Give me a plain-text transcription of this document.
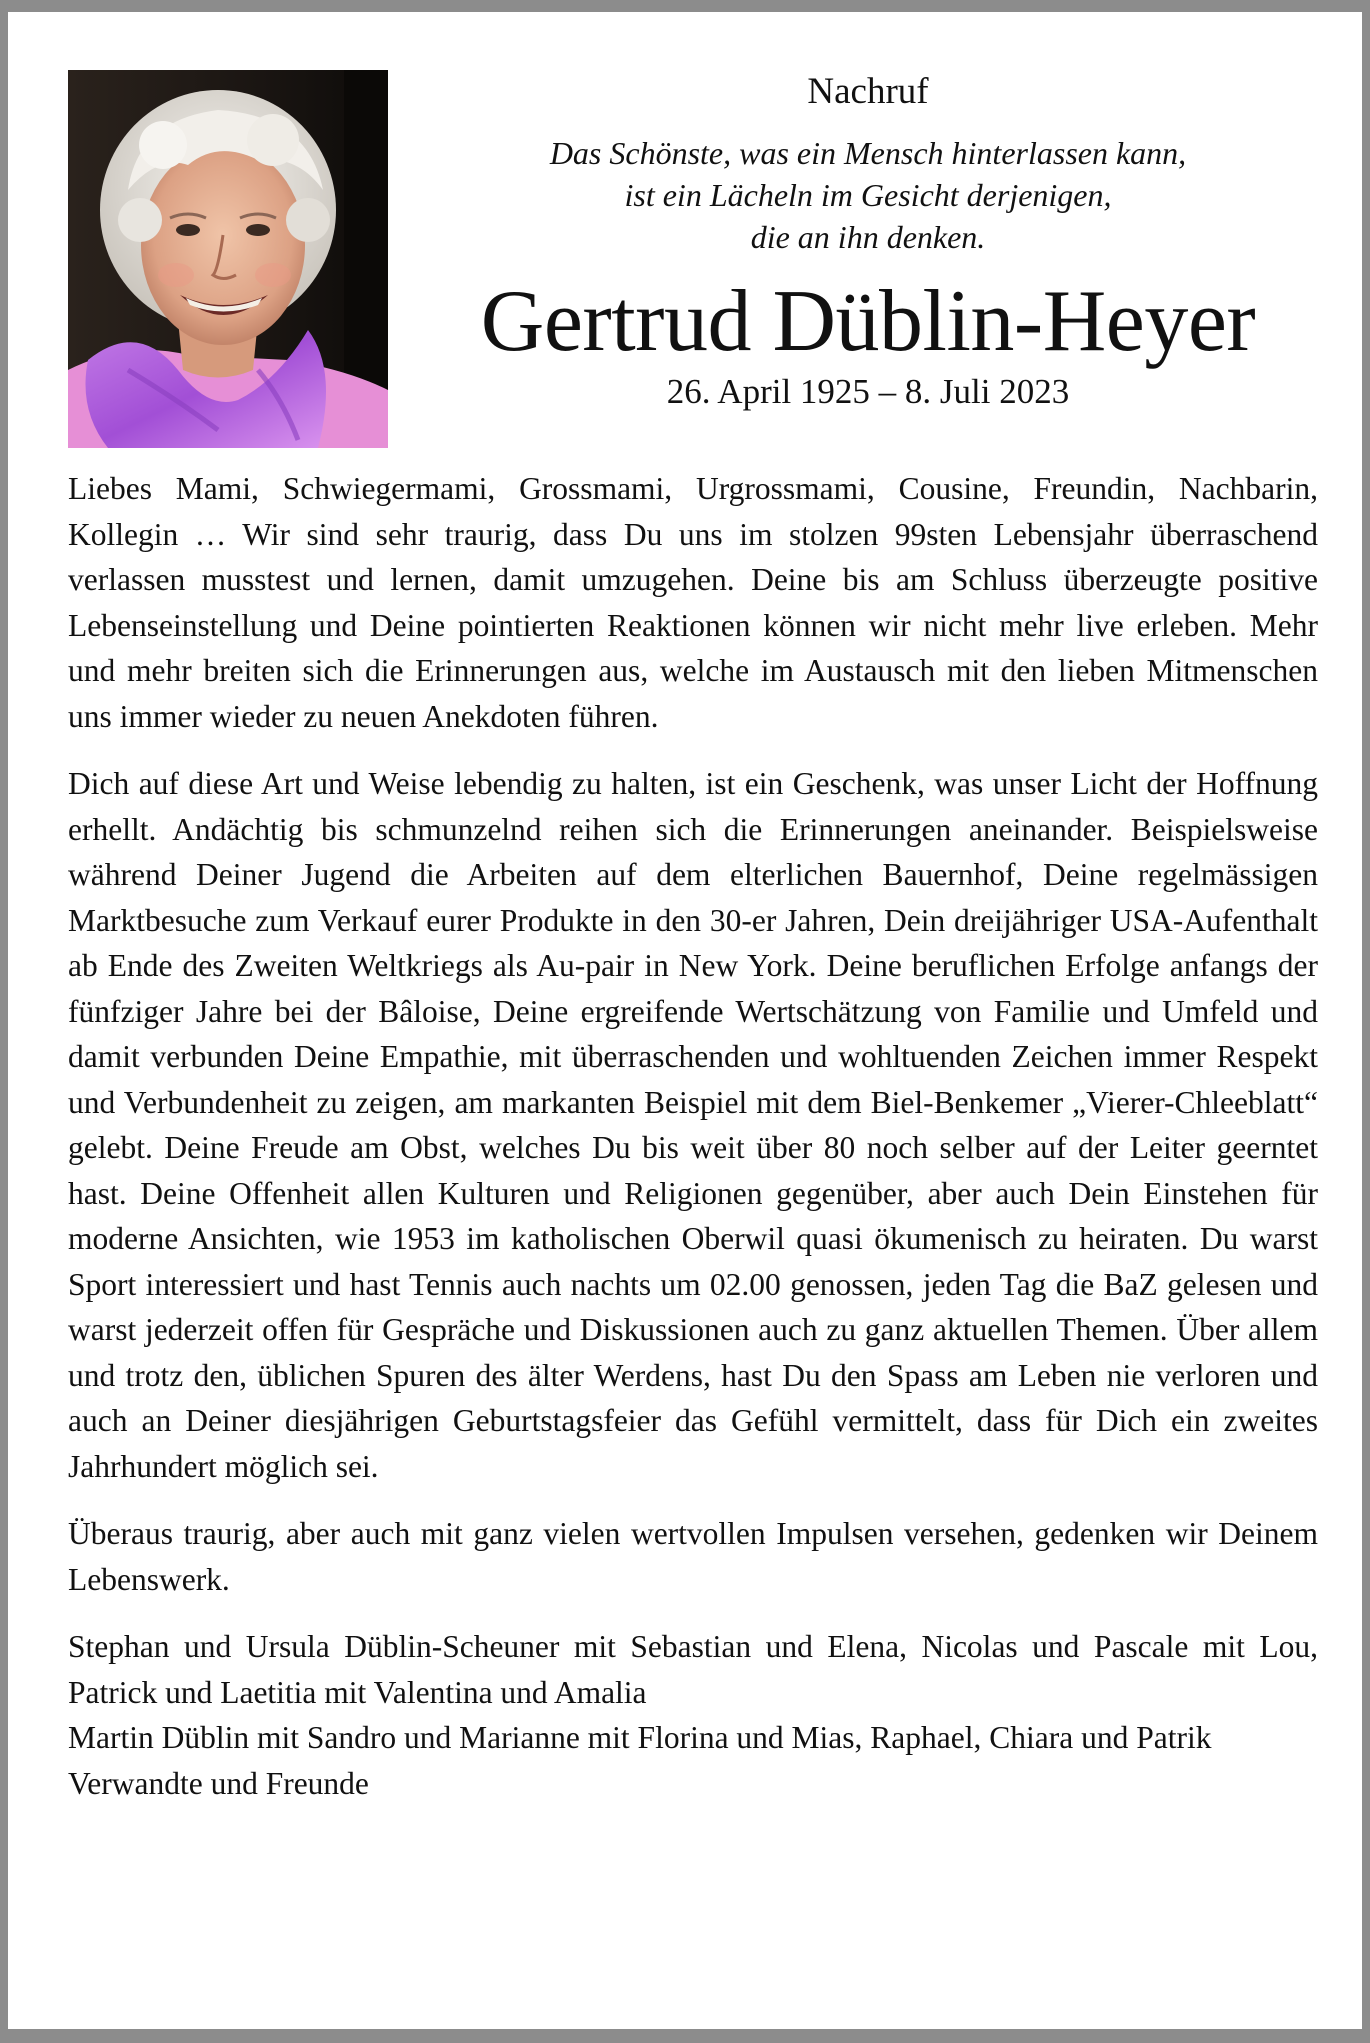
Nachruf

Das Schönste, was ein Mensch hinterlassen kann,
ist ein Lächeln im Gesicht derjenigen,
die an ihn denken.

Gertrud Düblin-Heyer

26. April 1925 – 8. Juli 2023

Liebes Mami, Schwiegermami, Grossmami, Urgrossmami, Cousine, Freundin, Nachbarin, Kollegin … Wir sind sehr traurig, dass Du uns im stolzen 99sten Lebensjahr überraschend verlassen musstest und lernen, damit umzugehen. Deine bis am Schluss überzeugte positive Lebenseinstellung und Deine pointierten Reaktionen können wir nicht mehr live erleben. Mehr und mehr breiten sich die Erinnerungen aus, welche im Austausch mit den lieben Mitmenschen uns immer wieder zu neuen Anekdoten führen.

Dich auf diese Art und Weise lebendig zu halten, ist ein Geschenk, was unser Licht der Hoffnung erhellt. Andächtig bis schmunzelnd reihen sich die Erinnerungen aneinander. Beispielsweise während Deiner Jugend die Arbeiten auf dem elterlichen Bauernhof, Deine regelmässigen Marktbesuche zum Verkauf eurer Produkte in den 30-er Jahren, Dein dreijähriger USA-Aufenthalt ab Ende des Zweiten Weltkriegs als Au-pair in New York. Deine beruflichen Erfolge anfangs der fünfziger Jahre bei der Bâloise, Deine ergreifende Wertschätzung von Familie und Umfeld und damit verbunden Deine Empathie, mit überraschenden und wohltuenden Zeichen immer Respekt und Verbundenheit zu zeigen, am markanten Beispiel mit dem Biel-Benkemer „Vierer-Chleeblatt“ gelebt. Deine Freude am Obst, welches Du bis weit über 80 noch selber auf der Leiter geerntet hast. Deine Offenheit allen Kulturen und Religionen gegenüber, aber auch Dein Einstehen für moderne Ansichten, wie 1953 im katholischen Oberwil quasi ökumenisch zu heiraten. Du warst Sport interessiert und hast Tennis auch nachts um 02.00 genossen, jeden Tag die BaZ gelesen und warst jederzeit offen für Gespräche und Diskussionen auch zu ganz aktuellen Themen. Über allem und trotz den, üblichen Spuren des älter Werdens, hast Du den Spass am Leben nie verloren und auch an Deiner diesjährigen Geburtstagsfeier das Gefühl vermittelt, dass für Dich ein zweites Jahrhundert möglich sei.

Überaus traurig, aber auch mit ganz vielen wertvollen Impulsen versehen, gedenken wir Deinem Lebenswerk.

Stephan und Ursula Düblin-Scheuner mit Sebastian und Elena, Nicolas und Pascale mit Lou, Patrick und Laetitia mit Valentina und Amalia
Martin Düblin mit Sandro und Marianne mit Florina und Mias, Raphael, Chiara und Patrik
Verwandte und Freunde
